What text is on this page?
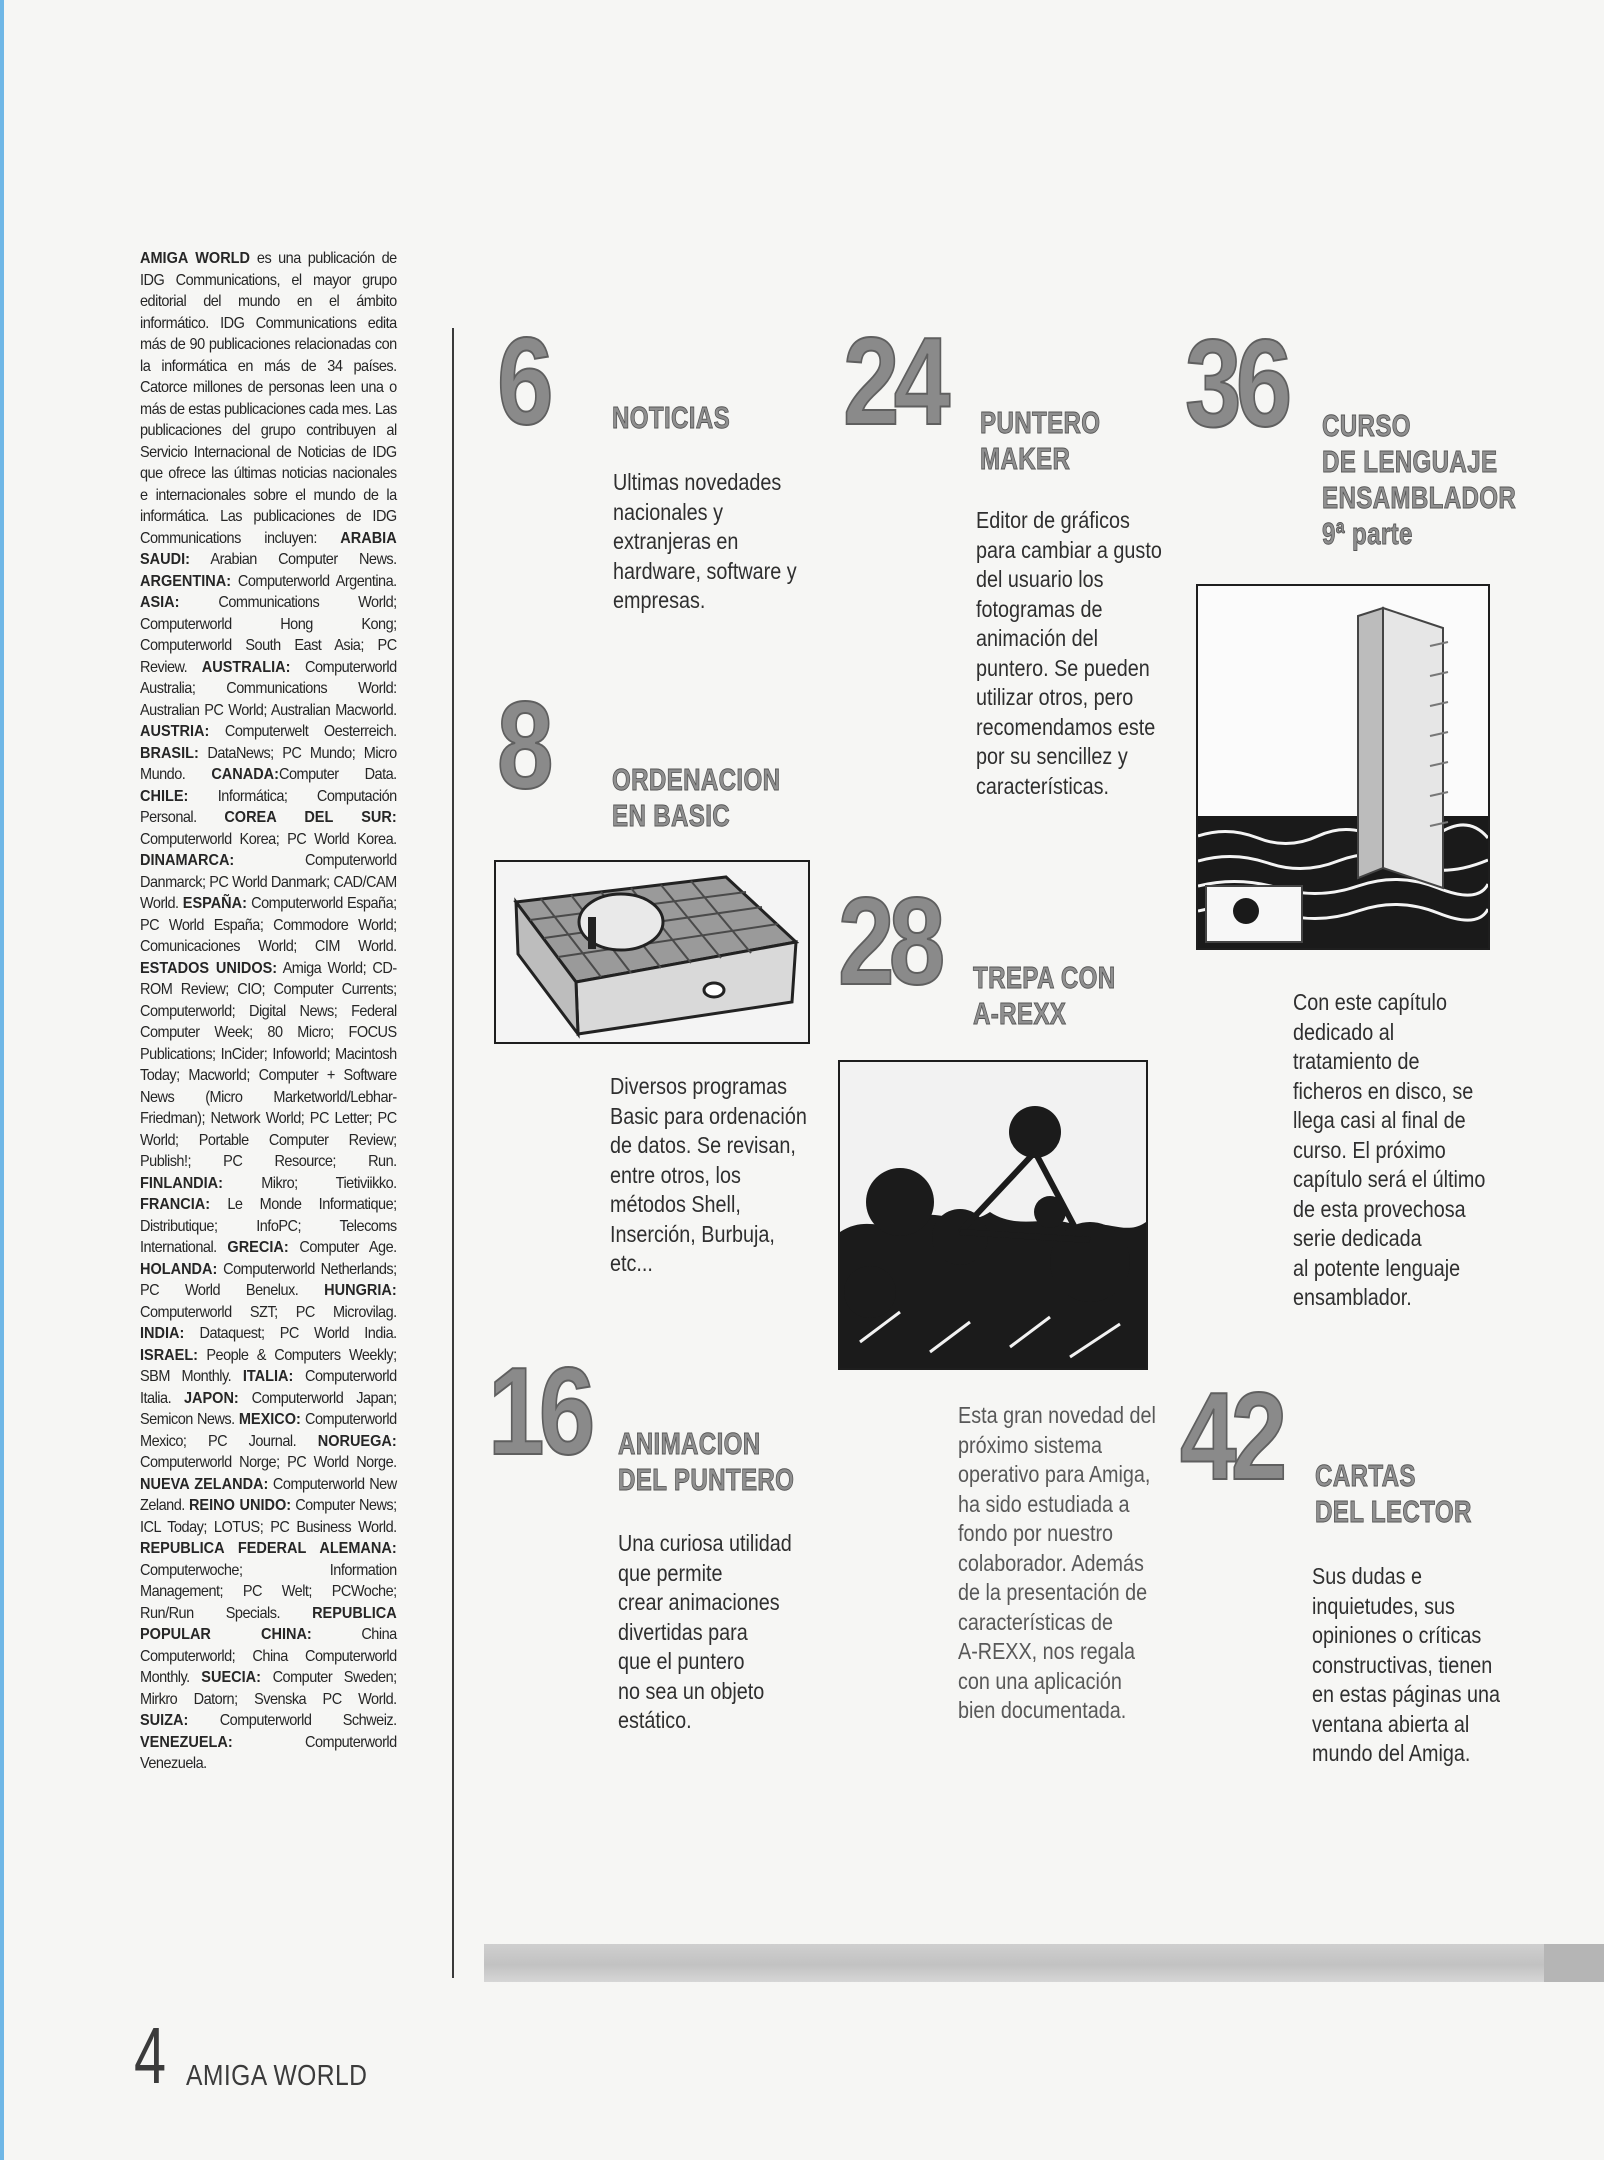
AMIGA WORLD es una publicación de IDG Communications, el mayor grupo editorial del mundo en el ámbito informático. IDG Communications edita más de 90 publicaciones relacionadas con la informática en más de 34 países. Catorce millones de personas leen una o más de estas publicaciones cada mes. Las publicaciones del grupo contribuyen al Servicio Internacional de Noticias de IDG que ofrece las últimas noticias nacionales e internacionales sobre el mundo de la informática. Las publicaciones de IDG Communications incluyen: ARABIA SAUDI: Arabian Computer News. ARGENTINA: Computerworld Argentina. ASIA: Communications World; Computerworld Hong Kong; Computerworld South East Asia; PC Review. AUSTRALIA: Computerworld Australia; Communications World: Australian PC World; Australian Macworld. AUSTRIA: Computerwelt Oesterreich. BRASIL: DataNews; PC Mundo; Micro Mundo. CANADA:Computer Data. CHILE: Informática; Computación Personal. COREA DEL SUR: Computerworld Korea; PC World Korea. DINAMARCA: Computerworld Danmarck; PC World Danmark; CAD/CAM World. ESPAÑA: Computerworld España; PC World España; Commodore World; Comunicaciones World; CIM World. ESTADOS UNIDOS: Amiga World; CD-ROM Review; CIO; Computer Currents; Computerworld; Digital News; Federal Computer Week; 80 Micro; FOCUS Publications; InCider; Infoworld; Macintosh Today; Macworld; Computer + Software News (Micro Marketworld/Lebhar-Friedman); Network World; PC Letter; PC World; Portable Computer Review; Publish!; PC Resource; Run. FINLANDIA: Mikro; Tietiviikko. FRANCIA: Le Monde Informatique; Distributique; InfoPC; Telecoms International. GRECIA: Computer Age. HOLANDA: Computerworld Netherlands; PC World Benelux. HUNGRIA: Computerworld SZT; PC Microvilag. INDIA: Dataquest; PC World India. ISRAEL: People & Computers Weekly; SBM Monthly. ITALIA: Computerworld Italia. JAPON: Computerworld Japan; Semicon News. MEXICO: Computerworld Mexico; PC Journal. NORUEGA: Computerworld Norge; PC World Norge. NUEVA ZELANDA: Computerworld New Zeland. REINO UNIDO: Computer News; ICL Today; LOTUS; PC Business World. REPUBLICA FEDERAL ALEMANA: Computerwoche; Information Management; PC Welt; PCWoche; Run/Run Specials. REPUBLICA POPULAR CHINA: China Computerworld; China Computerworld Monthly. SUECIA: Computer Sweden; Mirkro Datorn; Svenska PC World. SUIZA: Computerworld Schweiz. VENEZUELA: Computerworld Venezuela.
6 NOTICIAS
Ultimas novedades
nacionales y
extranjeras en
hardware, software y
empresas.
8 ORDENACION
EN BASIC
Diversos programas
Basic para ordenación
de datos. Se revisan,
entre otros, los
métodos Shell,
Inserción, Burbuja,
etc...
16 ANIMACION
DEL PUNTERO
Una curiosa utilidad
que permite
crear animaciones
divertidas para
que el puntero
no sea un objeto
estático.
24 PUNTERO
MAKER
Editor de gráficos
para cambiar a gusto
del usuario los
fotogramas de
animación del
puntero. Se pueden
utilizar otros, pero
recomendamos este
por su sencillez y
características.
28 TREPA CON
A-REXX
Esta gran novedad del
próximo sistema
operativo para Amiga,
ha sido estudiada a
fondo por nuestro
colaborador. Además
de la presentación de
características de
A-REXX, nos regala
con una aplicación
bien documentada.
36 CURSO
DE LENGUAJE
ENSAMBLADOR
9ª parte
Con este capítulo
dedicado al
tratamiento de
ficheros en disco, se
llega casi al final de
curso. El próximo
capítulo será el último
de esta provechosa
serie dedicada
al potente lenguaje
ensamblador.
42 CARTAS
DEL LECTOR
Sus dudas e
inquietudes, sus
opiniones o críticas
constructivas, tienen
en estas páginas una
ventana abierta al
mundo del Amiga.
4 AMIGA WORLD
